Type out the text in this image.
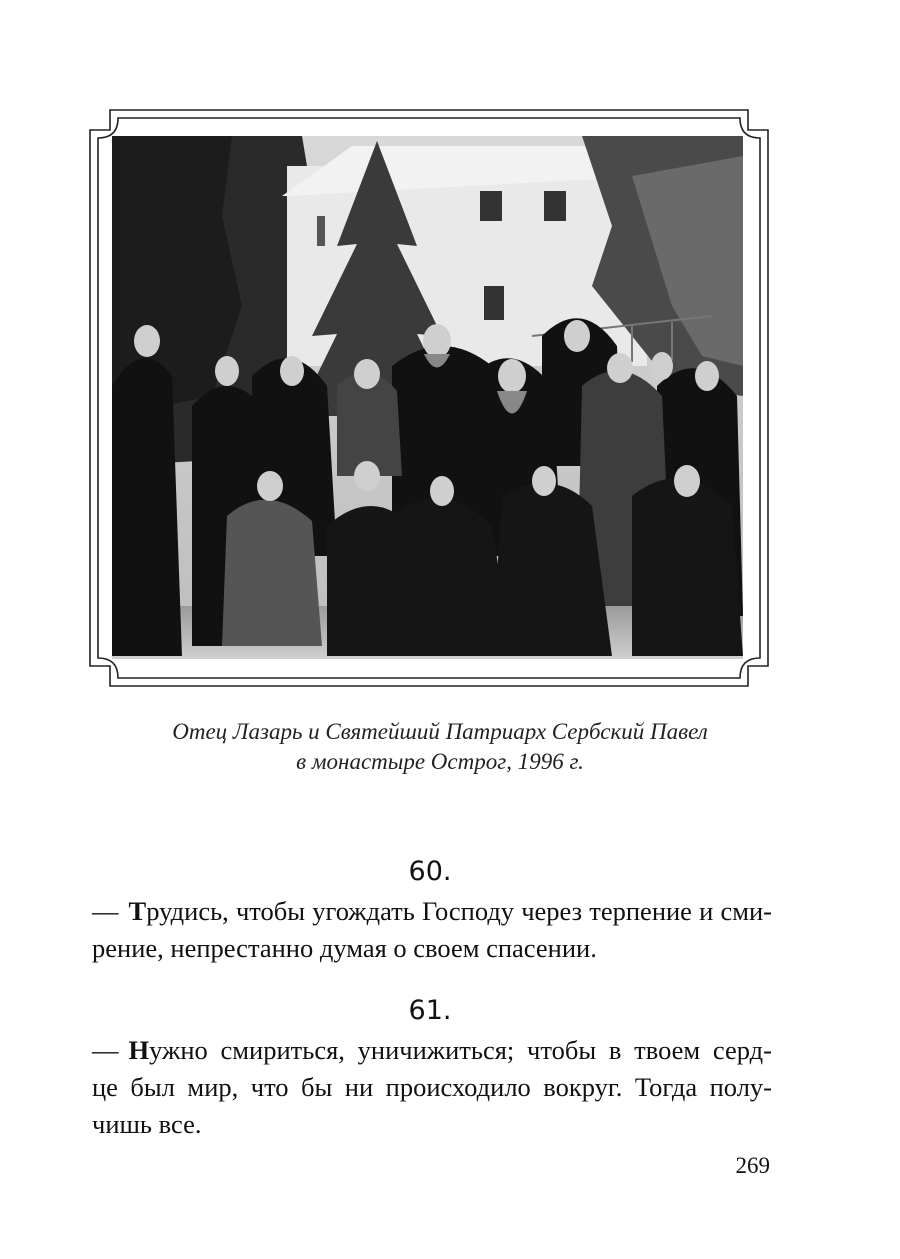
Отец Лазарь и Святейший Патриарх Сербский Павел
в монастыре Острог, 1996 г.
60.
— Трудись, чтобы угождать Господу через терпение и сми-
рение, непрестанно думая о своем спасении.
61.
— Нужно смириться, уничижиться; чтобы в твоем серд-
це был мир, что бы ни происходило вокруг. Тогда полу-
чишь все.
269
